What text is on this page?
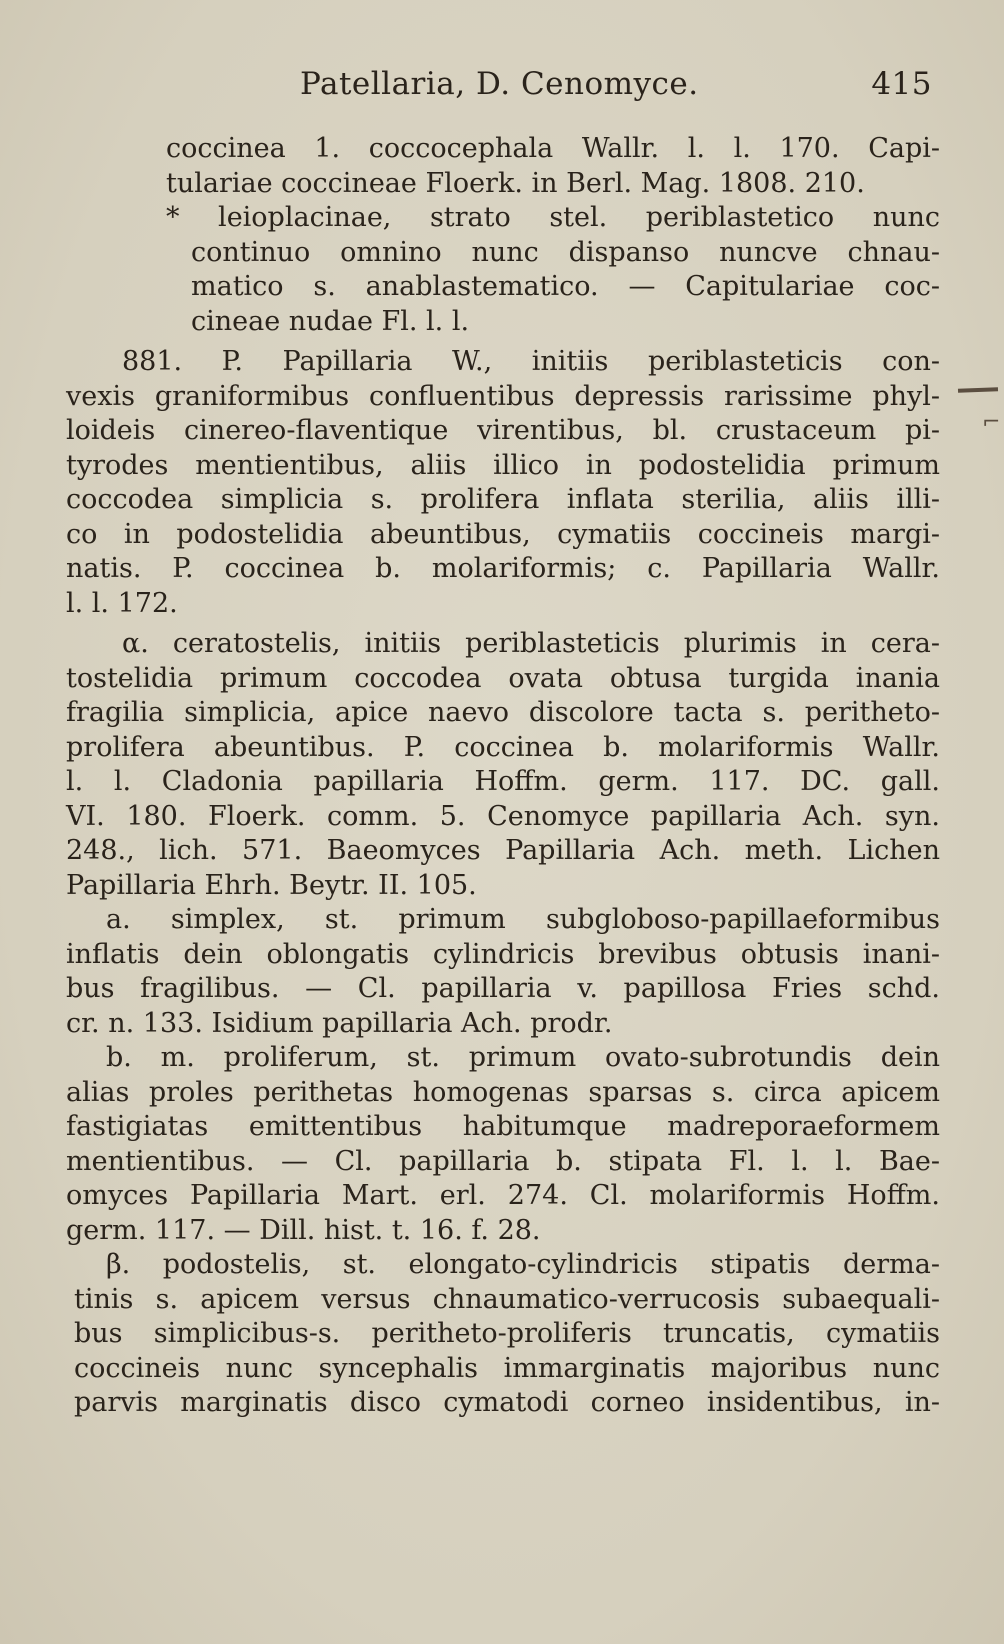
Patellaria, D. Cenomyce.	415
⌐
coccinea 1. coccocephala Wallr. l. l. 170. Capi-
tulariae coccineae Floerk. in Berl. Mag. 1808. 210.
* leioplacinae, strato stel. periblastetico nunc
continuo omnino nunc dispanso nuncve chnau-
matico s. anablastematico. — Capitulariae coc-
cineae nudae Fl. l. l.
881. P. Papillaria W., initiis periblasteticis con-
vexis graniformibus confluentibus depressis rarissime phyl-
loideis cinereo-flaventique virentibus, bl. crustaceum pi-
tyrodes mentientibus, aliis illico in podostelidia primum
coccodea simplicia s. prolifera inflata sterilia, aliis illi-
co in podostelidia abeuntibus, cymatiis coccineis margi-
natis. P. coccinea b. molariformis; c. Papillaria Wallr.
l. l. 172.
α. ceratostelis, initiis periblasteticis plurimis in cera-
tostelidia primum coccodea ovata obtusa turgida inania
fragilia simplicia, apice naevo discolore tacta s. peritheto-
prolifera abeuntibus. P. coccinea b. molariformis Wallr.
l. l. Cladonia papillaria Hoffm. germ. 117. DC. gall.
VI. 180. Floerk. comm. 5. Cenomyce papillaria Ach. syn.
248., lich. 571. Baeomyces Papillaria Ach. meth. Lichen
Papillaria Ehrh. Beytr. II. 105.
a. simplex, st. primum subgloboso-papillaeformibus
inflatis dein oblongatis cylindricis brevibus obtusis inani-
bus fragilibus. — Cl. papillaria v. papillosa Fries schd.
cr. n. 133. Isidium papillaria Ach. prodr.
b. m. proliferum, st. primum ovato-subrotundis dein
alias proles perithetas homogenas sparsas s. circa apicem
fastigiatas emittentibus habitumque madreporaeformem
mentientibus. — Cl. papillaria b. stipata Fl. l. l. Bae-
omyces Papillaria Mart. erl. 274. Cl. molariformis Hoffm.
germ. 117. — Dill. hist. t. 16. f. 28.
β. podostelis, st. elongato-cylindricis stipatis derma-
tinis s. apicem versus chnaumatico-verrucosis subaequali-
bus simplicibus-s. peritheto-proliferis truncatis, cymatiis
coccineis nunc syncephalis immarginatis majoribus nunc
parvis marginatis disco cymatodi corneo insidentibus, in-
